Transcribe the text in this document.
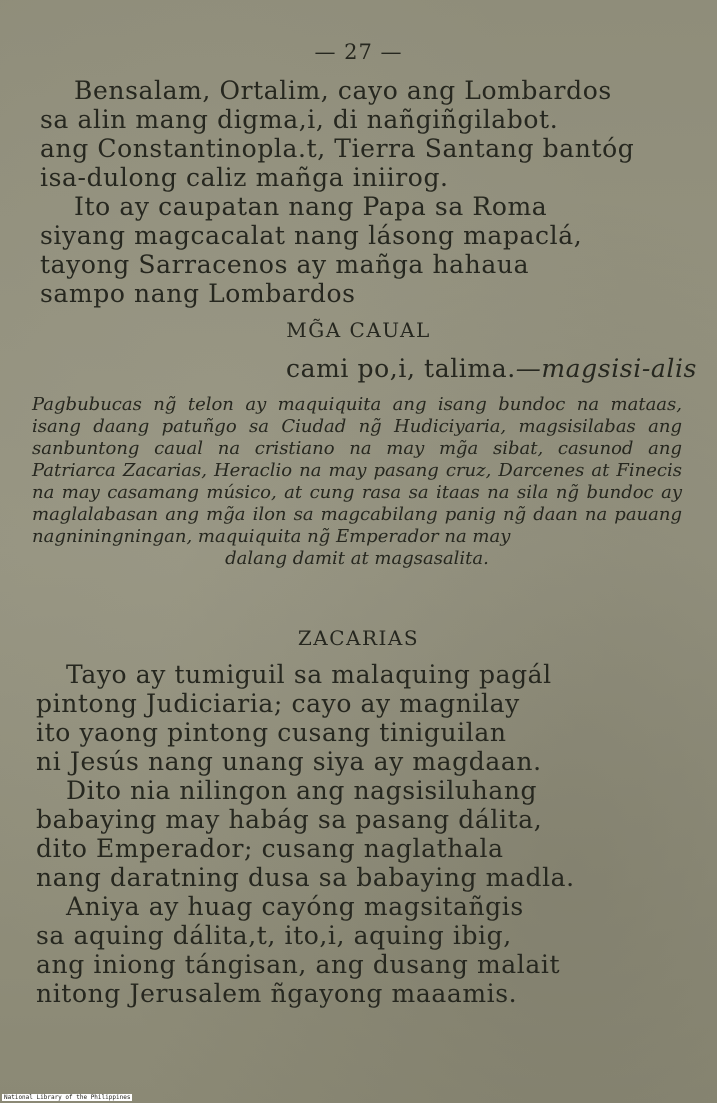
— 27 —
Bensalam, Ortalim, cayo ang Lombardos
sa alin mang digma,i, di nañgiñgilabot.
ang Constantinopla.t, Tierra Santang bantóg
isa-dulong caliz mañga iniirog.
Ito ay caupatan nang Papa sa Roma
siyang magcacalat nang lásong mapaclá,
tayong Sarracenos ay mañga hahaua
sampo nang Lombardos
MG̃A CAUAL
cami po,i, talima.—magsisi-alis
Pagbubucas ng̃ telon ay maquiquita ang isang bundoc na mataas, isang daang patuñgo sa Ciudad ng̃ Hudiciyaria, magsisilabas ang sanbuntong caual na cristiano na may mg̃a sibat, casunod ang Patriarca Zacarias, Heraclio na may pasang cruz, Darcenes at Finecis na may casamang músico, at cung rasa sa itaas na sila ng̃ bundoc ay maglalabasan ang mg̃a ilon sa magcabilang panig ng̃ daan na pauang nagniningningan, maquiquita ng̃ Emperador na may
dalang damit at magsasalita.
ZACARIAS
Tayo ay tumiguil sa malaquing pagál
pintong Judiciaria; cayo ay magnilay
ito yaong pintong cusang tiniguilan
ni Jesús nang unang siya ay magdaan.
Dito nia nilingon ang nagsisiluhang
babaying may habág sa pasang dálita,
dito Emperador; cusang naglathala
nang daratning dusa sa babaying madla.
Aniya ay huag cayóng magsitañgis
sa aquing dálita,t, ito,i, aquing ibig,
ang iniong tángisan, ang dusang malait
nitong Jerusalem ñgayong maaamis.
National Library of the Philippines
